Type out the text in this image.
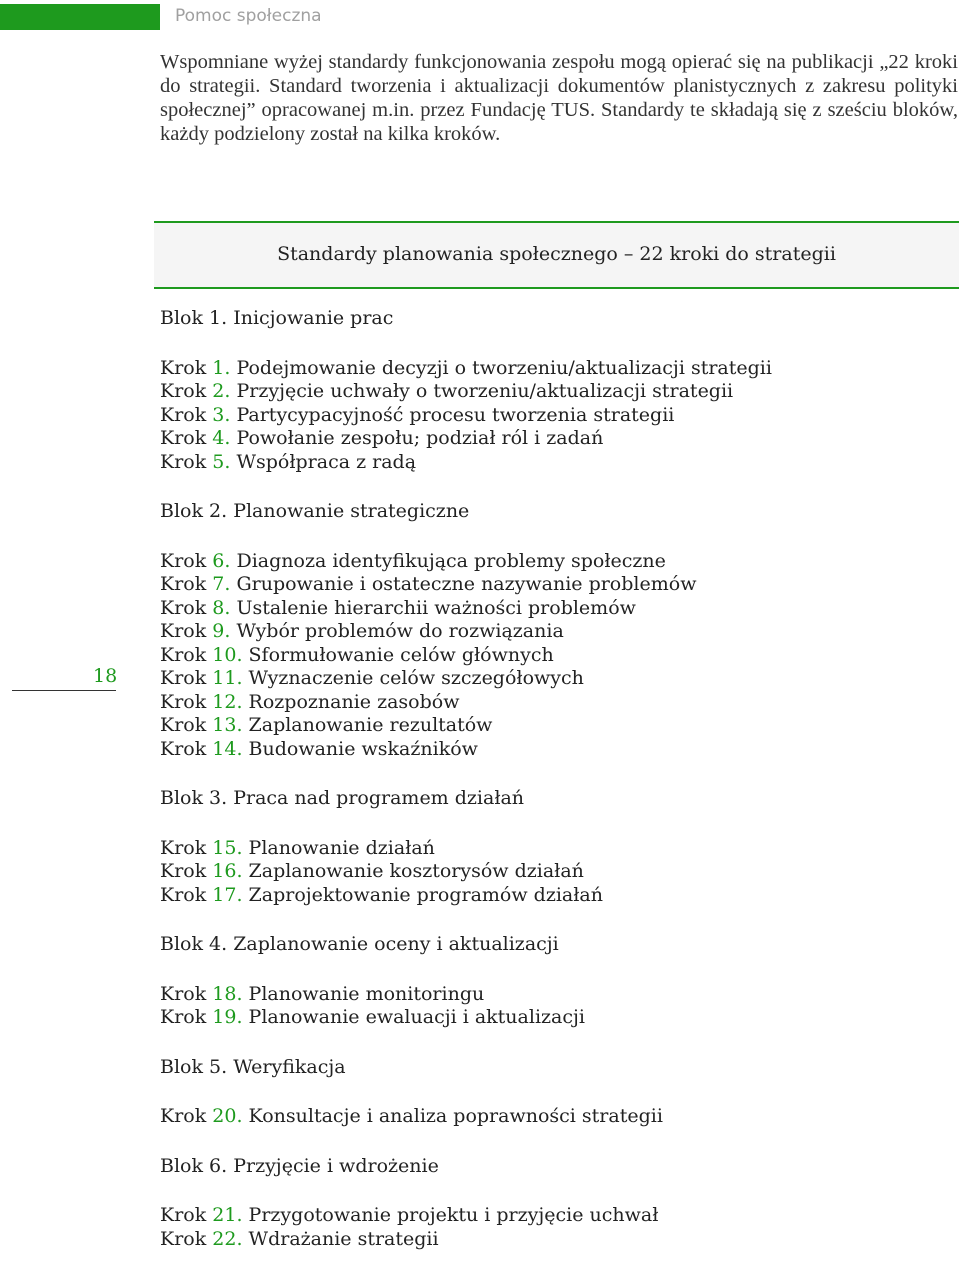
Pomoc społeczna
Wspomniane wyżej standardy funkcjonowania zespołu mogą opierać się na publikacji „22 kroki do strategii. Standard tworzenia i aktualizacji dokumentów planistycznych z zakresu polityki społecznej” opracowanej m.in. przez Fundację TUS. Standardy te składają się z sześciu bloków, każdy podzielony został na kilka kroków.
Standardy planowania społecznego – 22 kroki do strategii
Blok 1. Inicjowanie prac
Krok 1. Podejmowanie decyzji o tworzeniu/aktualizacji strategii
Krok 2. Przyjęcie uchwały o tworzeniu/aktualizacji strategii
Krok 3. Partycypacyjność procesu tworzenia strategii
Krok 4. Powołanie zespołu; podział ról i zadań
Krok 5. Współpraca z radą
Blok 2. Planowanie strategiczne
Krok 6. Diagnoza identyfikująca problemy społeczne
Krok 7. Grupowanie i ostateczne nazywanie problemów
Krok 8. Ustalenie hierarchii ważności problemów
Krok 9. Wybór problemów do rozwiązania
Krok 10. Sformułowanie celów głównych
Krok 11. Wyznaczenie celów szczegółowych
Krok 12. Rozpoznanie zasobów
Krok 13. Zaplanowanie rezultatów
Krok 14. Budowanie wskaźników
Blok 3. Praca nad programem działań
Krok 15. Planowanie działań
Krok 16. Zaplanowanie kosztorysów działań
Krok 17. Zaprojektowanie programów działań
Blok 4. Zaplanowanie oceny i aktualizacji
Krok 18. Planowanie monitoringu
Krok 19. Planowanie ewaluacji i aktualizacji
Blok 5. Weryfikacja
Krok 20. Konsultacje i analiza poprawności strategii
Blok 6. Przyjęcie i wdrożenie
Krok 21. Przygotowanie projektu i przyjęcie uchwał
Krok 22. Wdrażanie strategii
18
